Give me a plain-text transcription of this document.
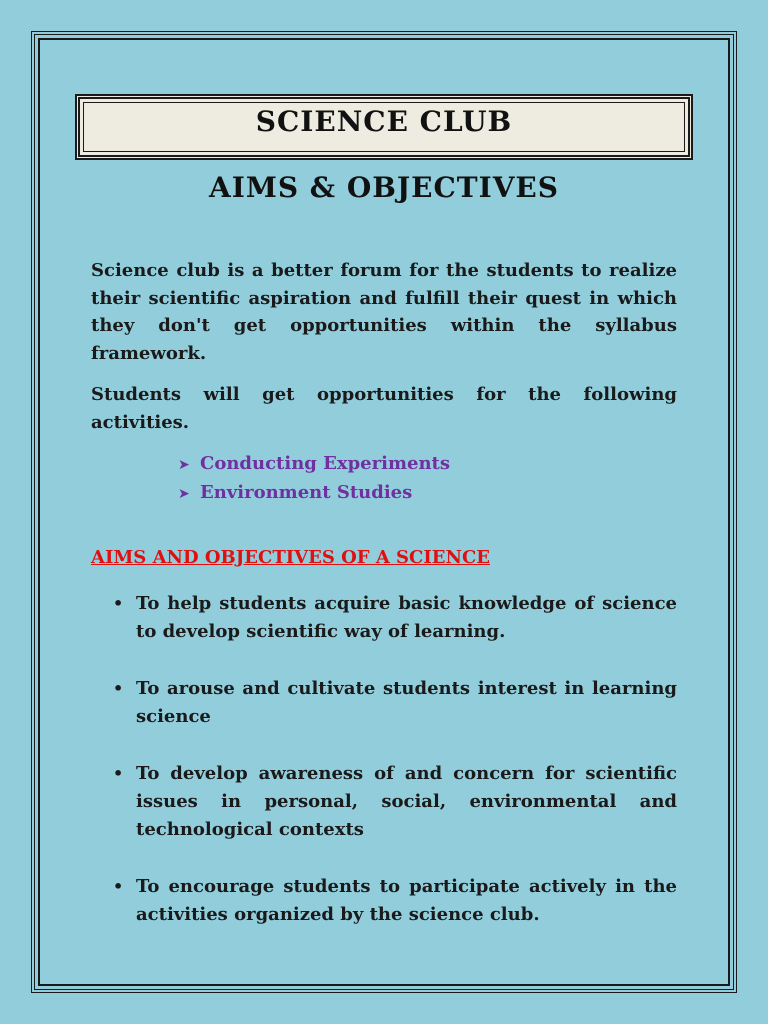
SCIENCE CLUB
AIMS & OBJECTIVES

Science club is a better forum for the students to realize their scientific aspiration and fulfill their quest in which they don't get opportunities within the syllabus framework.

Students will get opportunities for the following activities.

➤ Conducting Experiments
➤ Environment Studies
AIMS AND OBJECTIVES OF A SCIENCE
• To help students acquire basic knowledge of science to develop scientific way of learning.
• To arouse and cultivate students interest in learning science
• To develop awareness of and concern for scientific issues in personal, social, environmental and technological contexts
• To encourage students to participate actively in the activities organized by the science club.
